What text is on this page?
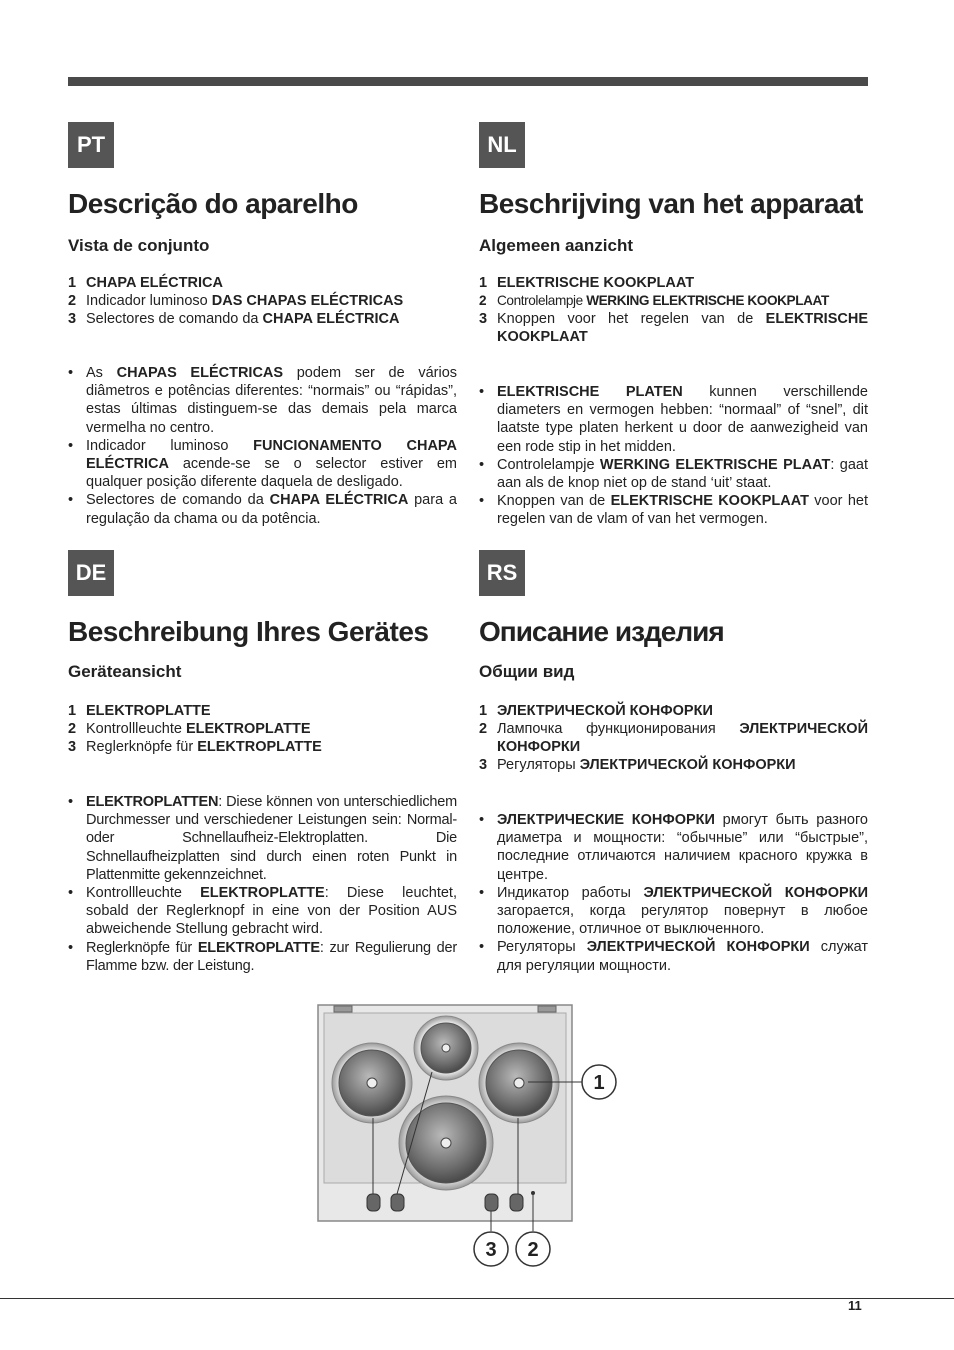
PT
Descrição do aparelho
Vista de conjunto
1 CHAPA ELÉCTRICA
2 Indicador luminoso DAS CHAPAS ELÉCTRICAS
3 Selectores de comando da CHAPA ELÉCTRICA
• As CHAPAS ELÉCTRICAS podem ser de vários diâmetros e potências diferentes: “normais” ou “rápidas”, estas últimas distinguem-se das demais pela marca vermelha no centro.
• Indicador luminoso FUNCIONAMENTO CHAPA ELÉCTRICA acende-se se o selector estiver em qualquer posição diferente daquela de desligado.
• Selectores de comando da CHAPA ELÉCTRICA para a regulação da chama ou da potência.
NL
Beschrijving van het apparaat
Algemeen aanzicht
1 ELEKTRISCHE KOOKPLAAT
2 Controlelampje WERKING ELEKTRISCHE KOOKPLAAT
3 Knoppen voor het regelen van de ELEKTRISCHE KOOKPLAAT
• ELEKTRISCHE PLATEN kunnen verschillende diameters en vermogen hebben: “normaal” of “snel”, dit laatste type platen herkent u door de aanwezigheid van een rode stip in het midden.
• Controlelampje WERKING ELEKTRISCHE PLAAT: gaat aan als de knop niet op de stand ‘uit’ staat.
• Knoppen van de ELEKTRISCHE KOOKPLAAT voor het regelen van de vlam of van het vermogen.
DE
Beschreibung Ihres Gerätes
Geräteansicht
1 ELEKTROPLATTE
2 Kontrollleuchte ELEKTROPLATTE
3 Reglerknöpfe für ELEKTROPLATTE
• ELEKTROPLATTEN: Diese können von unterschiedlichem Durchmesser und verschiedener Leistungen sein: Normal- oder Schnellaufheiz-Elektroplatten. Die Schnellaufheizplatten sind durch einen roten Punkt in Plattenmitte gekennzeichnet.
• Kontrollleuchte ELEKTROPLATTE: Diese leuchtet, sobald der Reglerknopf in eine von der Position AUS abweichende Stellung gebracht wird.
• Reglerknöpfe für ELEKTROPLATTE: zur Regulierung der Flamme bzw. der Leistung.
RS
Описание изделия
Общии вид
1 ЭЛЕКТРИЧЕСКОЙ КОНФОРКИ
2 Лампочка функционирования ЭЛЕКТРИЧЕСКОЙ КОНФОРКИ
3 Регуляторы ЭЛЕКТРИЧЕСКОЙ КОНФОРКИ
• ЭЛЕКТРИЧЕСКИЕ КОНФОРКИ рмогут быть разного диаметра и мощности: “обычные” или “быстрые”, последние отличаются наличием красного кружка в центре.
• Индикатор работы ЭЛЕКТРИЧЕСКОЙ КОНФОРКИ загорается, когда регулятор повернут в любое положение, отличное от выключенного.
• Регуляторы ЭЛЕКТРИЧЕСКОЙ КОНФОРКИ служат для регуляции мощности.
1
3 2
11
